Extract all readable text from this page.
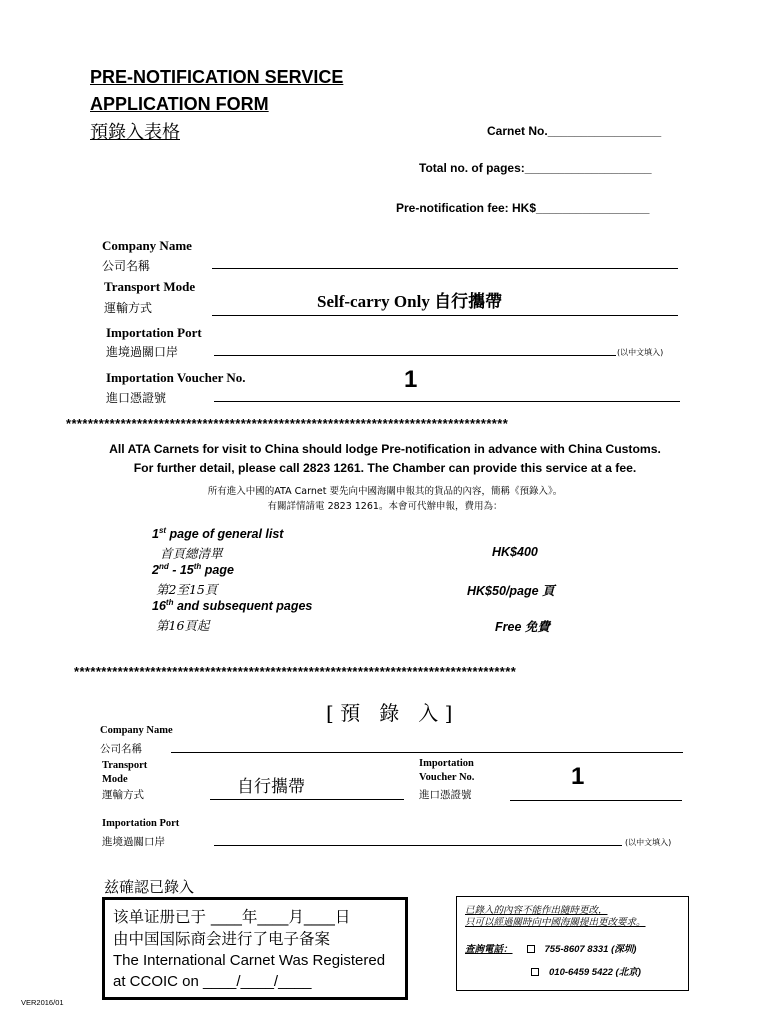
PRE-NOTIFICATION SERVICE
APPLICATION FORM
預錄入表格	Carnet No._________________
Total no. of pages:___________________
Pre-notification fee: HK$_________________
Company Name
公司名稱
Transport Mode
運輸方式	Self-carry Only 自行攜帶
Importation Port
進境過關口岸	(以中文填入)
Importation Voucher No.
進口憑證號
1
*********************************************************************************
All ATA Carnets for visit to China should lodge Pre-notification in advance with China Customs.
For further detail, please call 2823 1261. The Chamber can provide this service at a fee.
所有進入中國的ATA Carnet 要先向中國海關申報其的貨品的內容，簡稱《預錄入》。
有關詳情請電 2823 1261。本會可代辦申報，費用為：
1st page of general list
首頁總清單	HK$400
2nd - 15th page
第2至15頁	HK$50/page 頁
16th and subsequent pages
第16頁起	Free 免費
*********************************************************************************
[ 預   錄   入 ]
Company Name
公司名稱
Transport
Mode
運輸方式	自行攜帶
Importation
Voucher No.
進口憑證號
1
Importation Port
進境過關口岸	(以中文填入)
兹確認已錄入
该单证册已于 ____年____月____日
由中国国际商会进行了电子备案
The International Carnet Was Registered
at CCOIC on ____/____/____
已錄入的內容不能作出隨時更改，
只可以經過關時向中國海關提出更改要求。
查詢電話：	755-8607 8331 (深圳)
010-6459 5422 (北京)
VER2016/01
